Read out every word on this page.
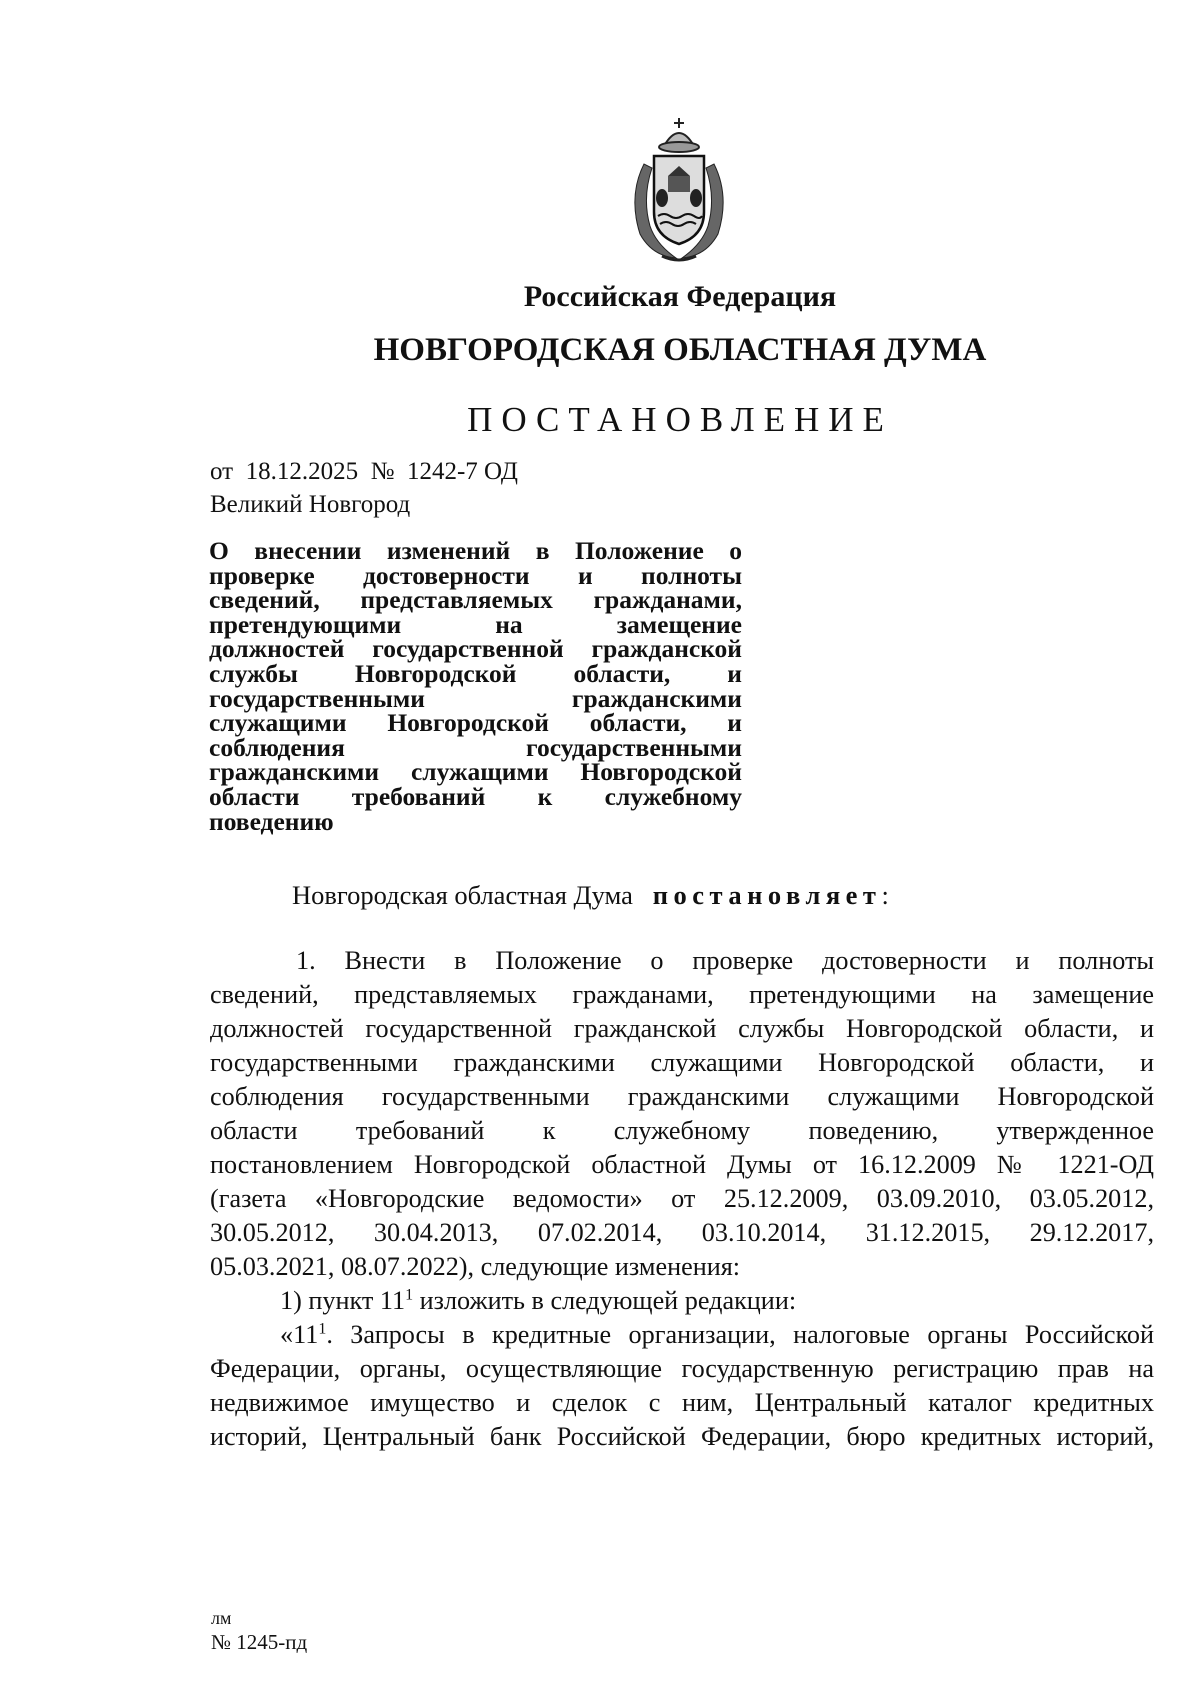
Российская Федерация
НОВГОРОДСКАЯ ОБЛАСТНАЯ ДУМА
ПОСТАНОВЛЕНИЕ
от  18.12.2025  №  1242-7 ОД
Великий Новгород
О внесении изменений в Положение о
проверке достоверности и полноты
сведений, представляемых гражданами,
претендующими на замещение
должностей государственной гражданской
службы Новгородской области, и
государственными гражданскими
служащими Новгородской области, и
соблюдения государственными
гражданскими служащими Новгородской
области требований к служебному
поведению
Новгородская областная Дума постановляет:
1. Внести в Положение о проверке достоверности и полноты
сведений, представляемых гражданами, претендующими на замещение
должностей государственной гражданской службы Новгородской области, и
государственными гражданскими служащими Новгородской области, и
соблюдения государственными гражданскими служащими Новгородской
области требований к служебному поведению, утвержденное
постановлением Новгородской областной Думы от 16.12.2009 № 1221-ОД
(газета «Новгородские ведомости» от 25.12.2009, 03.09.2010, 03.05.2012,
30.05.2012, 30.04.2013, 07.02.2014, 03.10.2014, 31.12.2015, 29.12.2017,
05.03.2021, 08.07.2022), следующие изменения:
1) пункт $11^1$ изложить в следующей редакции:
«$11^1$. Запросы в кредитные организации, налоговые органы Российской
Федерации, органы, осуществляющие государственную регистрацию прав на
недвижимое имущество и сделок с ним, Центральный каталог кредитных
историй, Центральный банк Российской Федерации, бюро кредитных историй,
лм
№ 1245-пд
